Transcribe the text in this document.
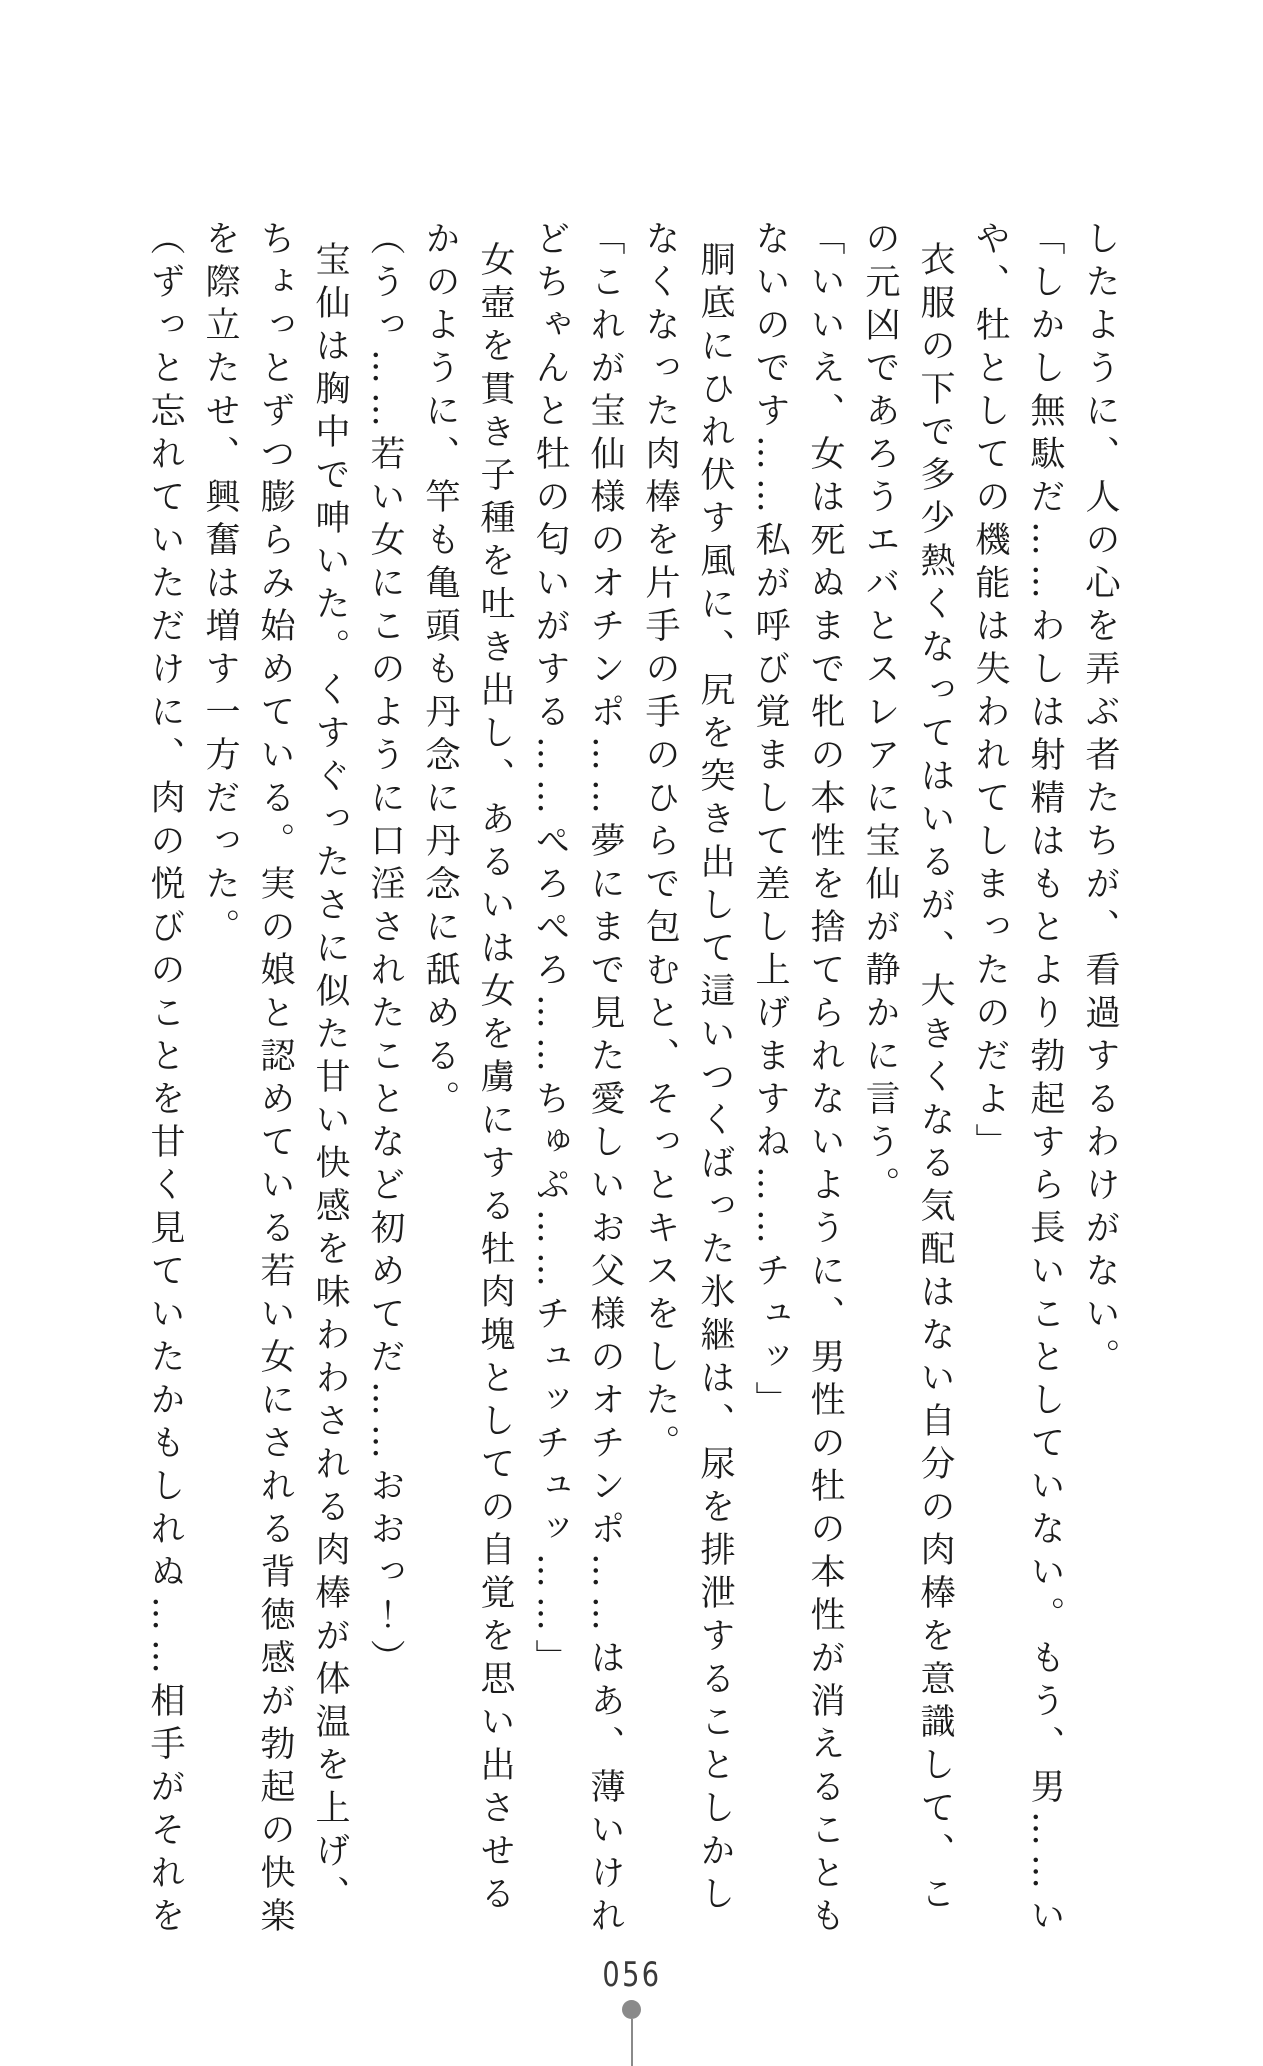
したように、人の心を弄ぶ者たちが、看過するわけがない。

「しかし無駄だ……わしは射精はもとより勃起すら長いことしていない。もう、男……いや、牡としての機能は失われてしまったのだよ」

衣服の下で多少熱くなってはいるが、大きくなる気配はない自分の肉棒を意識して、この元凶であろうエバとスレアに宝仙が静かに言う。

「いいえ、女は死ぬまで牝の本性を捨てられないように、男性の牡の本性が消えることもないのです……私が呼び覚まして差し上げますね……チュッ」

胴底にひれ伏す風に、尻を突き出して這いつくばった氷継は、尿を排泄することしかしなくなった肉棒を片手の手のひらで包むと、そっとキスをした。

「これが宝仙様のオチンポ……夢にまで見た愛しいお父様のオチンポ……はあ、薄いけれどちゃんと牡の匂いがする……ぺろぺろ……ちゅぷ……チュッチュッ……」

女壺を貫き子種を吐き出し、あるいは女を虜にする牡肉塊としての自覚を思い出させるかのように、竿も亀頭も丹念に丹念に舐める。

（うっ……若い女にこのように口淫されたことなど初めてだ……おおっ！）

宝仙は胸中で呻いた。くすぐったさに似た甘い快感を味わわされる肉棒が体温を上げ、ちょっとずつ膨らみ始めている。実の娘と認めている若い女にされる背徳感が勃起の快楽を際立たせ、興奮は増す一方だった。

（ずっと忘れていただけに、肉の悦びのことを甘く見ていたかもしれぬ……相手がそれを

056
